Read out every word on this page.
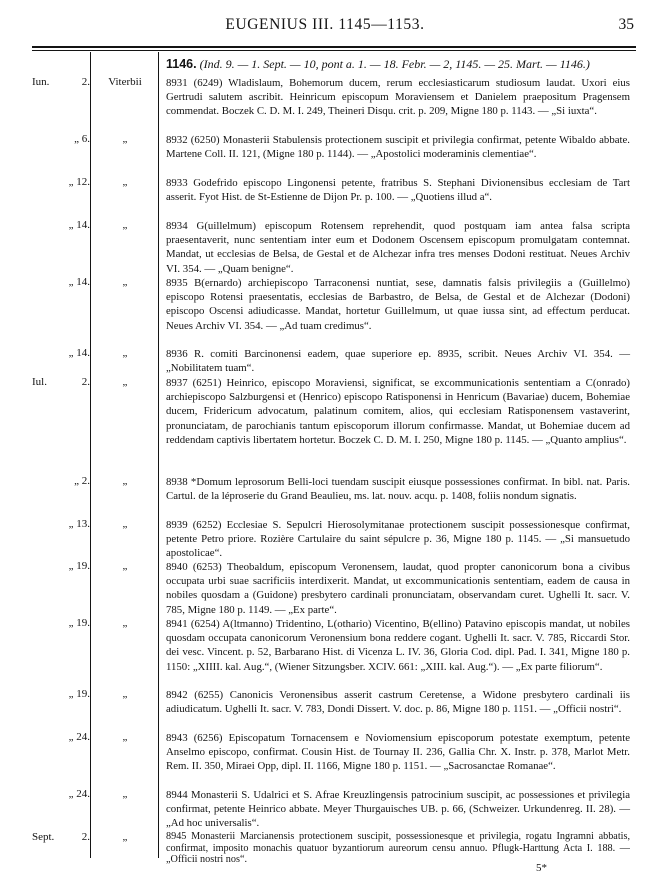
EUGENIUS III. 1145—1153.	35
1146. (Ind. 9. — 1. Sept. — 10, pont a. 1. — 18. Febr. — 2, 1145. — 25. Mart. — 1146.)
Iun.	2.	Viterbii	8931 (6249) Wladislaum, Bohemorum ducem, rerum ecclesiasticarum studiosum laudat. Uxori eius Gertrudi salutem ascribit. Heinricum episcopum Moraviensem et Danielem praepositum Pragensem commendat. Boczek C. D. M. I. 249, Theineri Disqu. crit. p. 209, Migne 180 p. 1143. — „Si iuxta“.
„ 6.	„	8932 (6250) Monasterii Stabulensis protectionem suscipit et privilegia confirmat, petente Wibaldo abbate. Martene Coll. II. 121, (Migne 180 p. 1144). — „Apostolici moderaminis clementiae“.
„ 12.	„	8933 Godefrido episcopo Lingonensi petente, fratribus S. Stephani Divionensibus ecclesiam de Tart asserit. Fyot Hist. de St-Estienne de Dijon Pr. p. 100. — „Quotiens illud a“.
„ 14.	„	8934 G(uillelmum) episcopum Rotensem reprehendit, quod postquam iam antea falsa scripta praesentaverit, nunc sententiam inter eum et Dodonem Oscensem episcopum promulgatam contemnat. Mandat, ut ecclesias de Belsa, de Gestal et de Alchezar infra tres menses Dodoni restituat. Neues Archiv VI. 354. — „Quam benigne“.
„ 14.	„	8935 B(ernardo) archiepiscopo Tarraconensi nuntiat, sese, damnatis falsis privilegiis a (Guillelmo) episcopo Rotensi praesentatis, ecclesias de Barbastro, de Belsa, de Gestal et de Alchezar (Dodoni) episcopo Oscensi adiudicasse. Mandat, hortetur Guillelmum, ut quae iussa sint, ad effectum perducat. Neues Archiv VI. 354. — „Ad tuam credimus“.
„ 14.	„	8936 R. comiti Barcinonensi eadem, quae superiore ep. 8935, scribit. Neues Archiv VI. 354. — „Nobilitatem tuam“.
Iul.	2.	„	8937 (6251) Heinrico, episcopo Moraviensi, significat, se excommunicationis sententiam a C(onrado) archiepiscopo Salzburgensi et (Henrico) episcopo Ratisponensi in Henricum (Bavariae) ducem, Bohemiae ducem, Fridericum advocatum, palatinum comitem, alios, qui ecclesiam Ratisponensem vastaverint, pronunciatam, de parochianis tantum episcoporum illorum confirmasse. Mandat, ut Bohemiae ducem ad reddendam captivis libertatem hortetur. Boczek C. D. M. I. 250, Migne 180 p. 1145. — „Quanto amplius“.
„ 2.	„	8938 *Domum leprosorum Belli-loci tuendam suscipit eiusque possessiones confirmat. In bibl. nat. Paris. Cartul. de la léproserie du Grand Beaulieu, ms. lat. nouv. acqu. p. 1408, foliis nondum signatis.
„ 13.	„	8939 (6252) Ecclesiae S. Sepulcri Hierosolymitanae protectionem suscipit possessionesque confirmat, petente Petro priore. Rozière Cartulaire du saint sépulcre p. 36, Migne 180 p. 1145. — „Si mansuetudo apostolicae“.
„ 19.	„	8940 (6253) Theobaldum, episcopum Veronensem, laudat, quod propter canonicorum bona a civibus occupata urbi suae sacrificiis interdixerit. Mandat, ut excommunicationis sententiam, eadem de causa in nobiles quosdam a (Guidone) presbytero cardinali pronunciatam, observandam curet. Ughelli It. sacr. V. 785, Migne 180 p. 1149. — „Ex parte“.
„ 19.	„	8941 (6254) A(ltmanno) Tridentino, L(othario) Vicentino, B(ellino) Patavino episcopis mandat, ut nobiles quosdam occupata canonicorum Veronensium bona reddere cogant. Ughelli It. sacr. V. 785, Riccardi Stor. dei vesc. Vincent. p. 52, Barbarano Hist. di Vicenza L. IV. 36, Gloria Cod. dipl. Pad. I. 341, Migne 180 p. 1150: „XIIII. kal. Aug.“, (Wiener Sitzungsber. XCIV. 661: „XIII. kal. Aug.“). — „Ex parte filiorum“.
„ 19.	„	8942 (6255) Canonicis Veronensibus asserit castrum Ceretense, a Widone presbytero cardinali iis adiudicatum. Ughelli It. sacr. V. 783, Dondi Dissert. V. doc. p. 86, Migne 180 p. 1151. — „Officii nostri“.
„ 24.	„	8943 (6256) Episcopatum Tornacensem e Noviomensium episcoporum potestate exemptum, petente Anselmo episcopo, confirmat. Cousin Hist. de Tournay II. 236, Gallia Chr. X. Instr. p. 378, Marlot Metr. Rem. II. 350, Miraei Opp, dipl. II. 1166, Migne 180 p. 1151. — „Sacrosanctae Romanae“.
„ 24.	„	8944 Monasterii S. Udalrici et S. Afrae Kreuzlingensis patrocinium suscipit, ac possessiones et privilegia confirmat, petente Heinrico abbate. Meyer Thurgauisches UB. p. 66, (Schweizer. Urkundenreg. II. 28). — „Ad hoc universalis“.
Sept.	2.	„	8945 Monasterii Marcianensis protectionem suscipit, possessionesque et privilegia, rogatu Ingramni abbatis, confirmat, imposito monachis quatuor byzantiorum aureorum censu annuo. Pflugk-Harttung Acta I. 188. — „Officii nostri nos“.
5*
